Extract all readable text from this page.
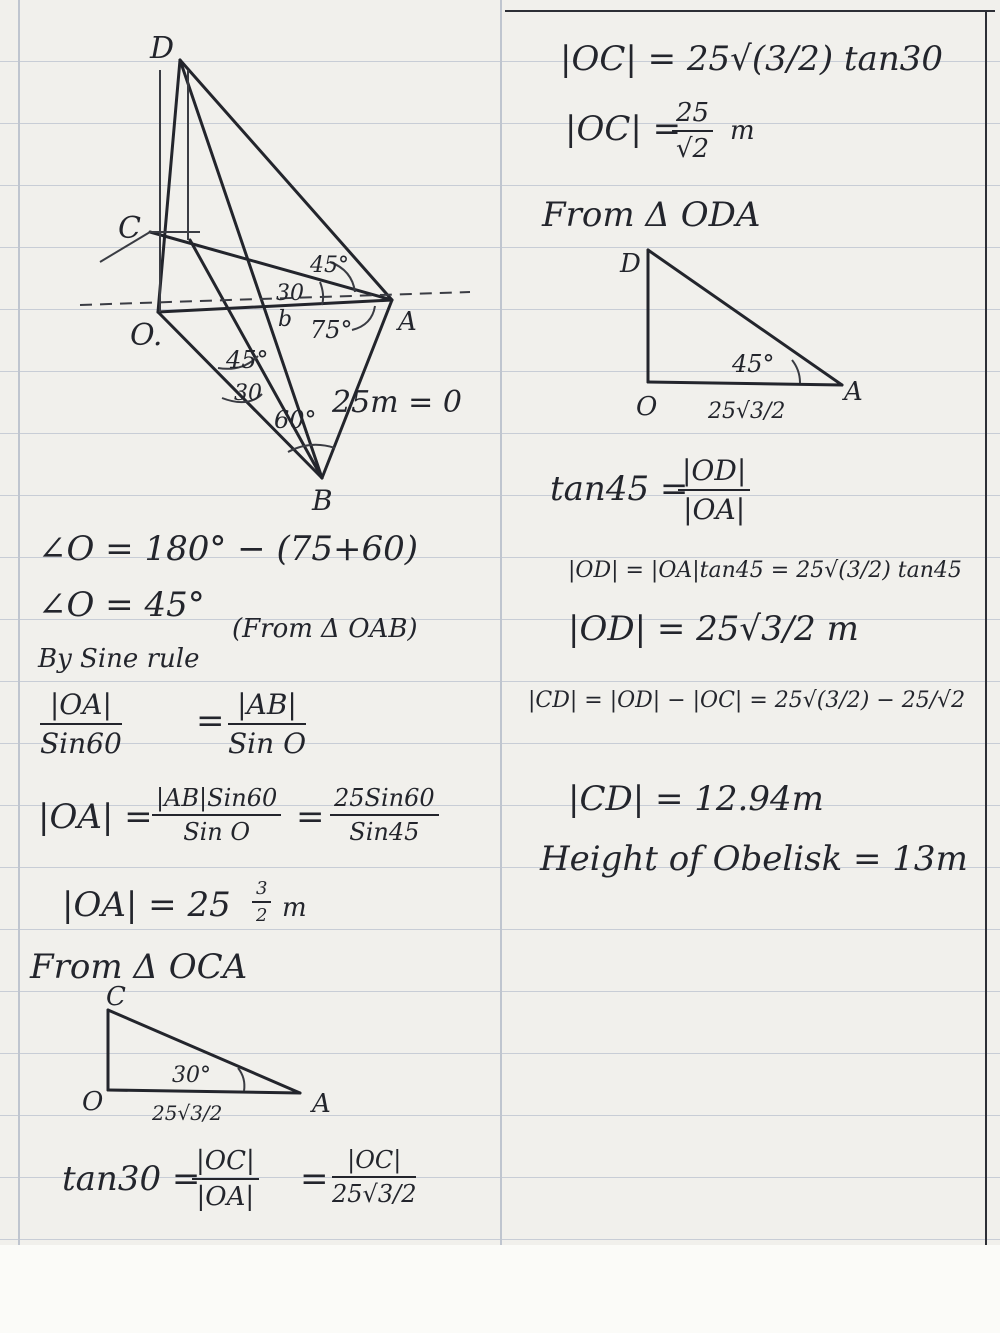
D
C
O.	A
B
b
45°
30
75°
45°
30
60° 25m = 0
D
O	A
45°
25√3/2
C
O	A
30°
25√3/2
∠O = 180° − (75+60)
∠O = 45°
(From Δ OAB)
By Sine rule
|OA|
Sin60
= |AB|
Sin O
|OA| = |AB|Sin60
Sin O	= 25Sin60
Sin45
$|OA| = 25 \frac{3}{2}$ m
From Δ OCA
tan30 =
$\frac{|OC|}{|OA|} = \frac{|OC|}{25√3/2}$
|OC| = 25√(3/2) tan30
|OC| =
$\frac{25}{√2}$ m
From Δ ODA
tan45 =
$\frac{|OD|}{|OA|}$
|OD| = |OA|tan45 = 25√(3/2) tan45
|OD| = 25√3/2 m
|CD| = |OD| − |OC| = 25√(3/2) − 25/√2
|CD| = 12.94m
Height of Obelisk = 13m
